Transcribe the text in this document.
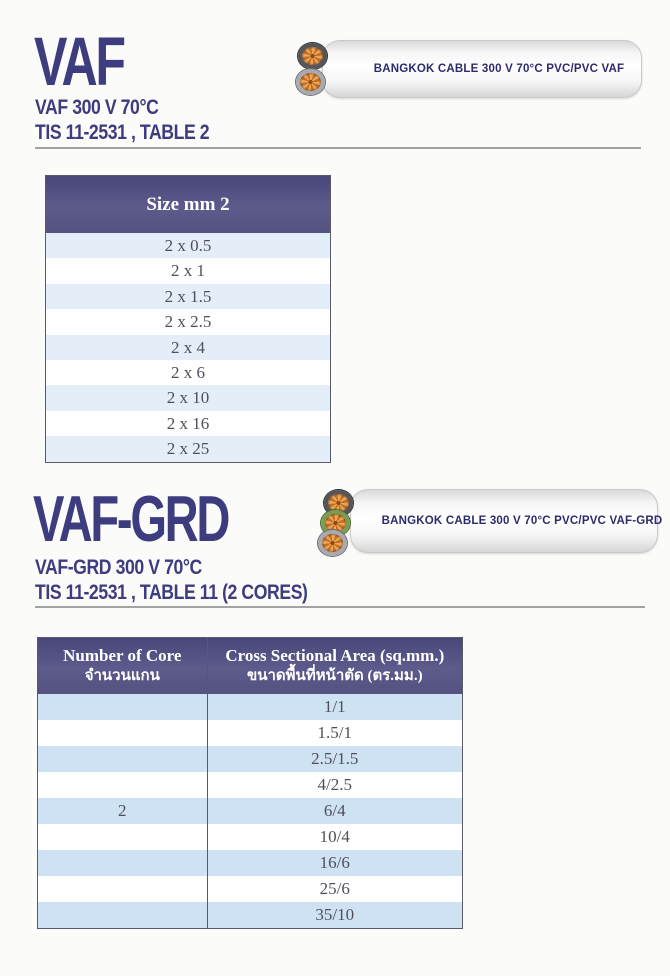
VAF	BANGKOK CABLE 300 V 70°C PVC/PVC VAF
VAF 300 V 70°C
TIS 11-2531 , TABLE 2
Size mm 2
2 x 0.5
2 x 1
2 x 1.5
2 x 2.5
2 x 4
2 x 6
2 x 10
2 x 16
2 x 25
VAF-GRD	BANGKOK CABLE 300 V 70°C PVC/PVC VAF-GRD
VAF-GRD 300 V 70°C
TIS 11-2531 , TABLE 11 (2 CORES)
Number of Core
จำนวนแกน
Cross Sectional Area (sq.mm.)
ขนาดพื้นที่หน้าตัด (ตร.มม.)
1/1
1.5/1
2.5/1.5
4/2.5
2	6/4
10/4
16/6
25/6
35/10
